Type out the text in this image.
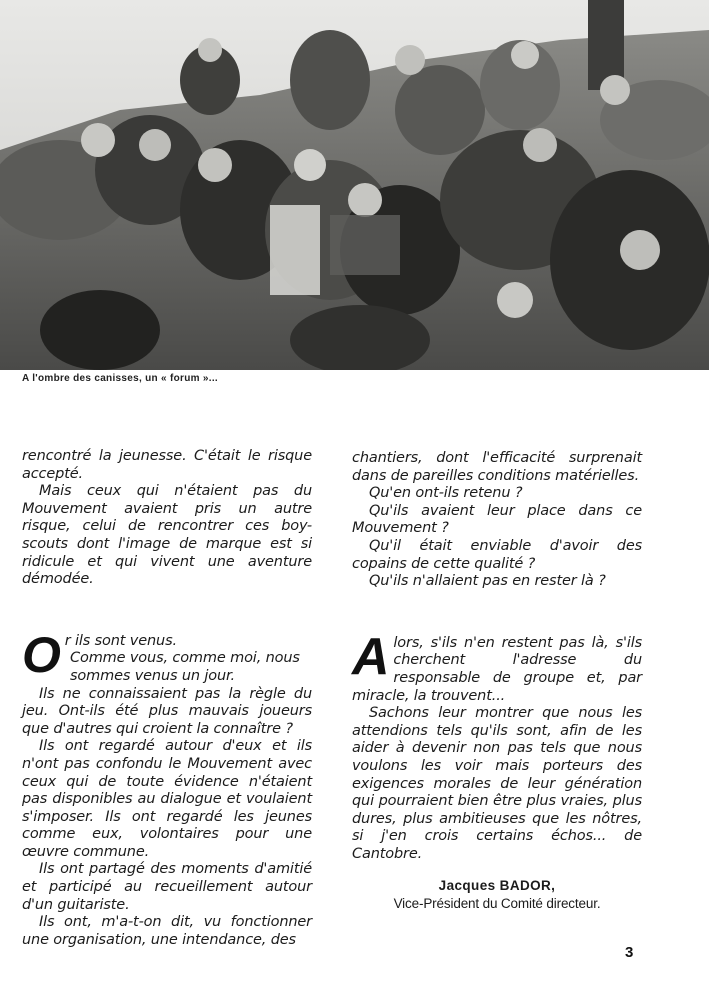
A l'ombre des canisses, un « forum »...

rencontré la jeunesse. C'était le risque accepté.

Mais ceux qui n'étaient pas du Mouvement avaient pris un autre risque, celui de rencontrer ces boy-scouts dont l'image de marque est si ridicule et qui vivent une aventure démodée.

O r ils sont venus.

Comme vous, comme moi, nous sommes venus un jour.

Ils ne connaissaient pas la règle du jeu. Ont-ils été plus mauvais joueurs que d'autres qui croient la connaître ?

Ils ont regardé autour d'eux et ils n'ont pas confondu le Mouvement avec ceux qui de toute évidence n'étaient pas disponibles au dialogue et voulaient s'imposer. Ils ont regardé les jeunes comme eux, volontaires pour une œuvre commune.

Ils ont partagé des moments d'amitié et participé au recueillement autour d'un guitariste.

Ils ont, m'a-t-on dit, vu fonctionner une organisation, une intendance, des

chantiers, dont l'efficacité surprenait dans de pareilles conditions matérielles.

Qu'en ont-ils retenu ?

Qu'ils avaient leur place dans ce Mouvement ?

Qu'il était enviable d'avoir des copains de cette qualité ?

Qu'ils n'allaient pas en rester là ?

A lors, s'ils n'en restent pas là, s'ils cherchent l'adresse du responsable de groupe et, par miracle, la trouvent...

Sachons leur montrer que nous les attendions tels qu'ils sont, afin de les aider à devenir non pas tels que nous voulons les voir mais porteurs des exigences morales de leur génération qui pourraient bien être plus vraies, plus dures, plus ambitieuses que les nôtres, si j'en crois certains échos... de Cantobre.

Jacques BADOR,
Vice-Président du Comité directeur.
3
